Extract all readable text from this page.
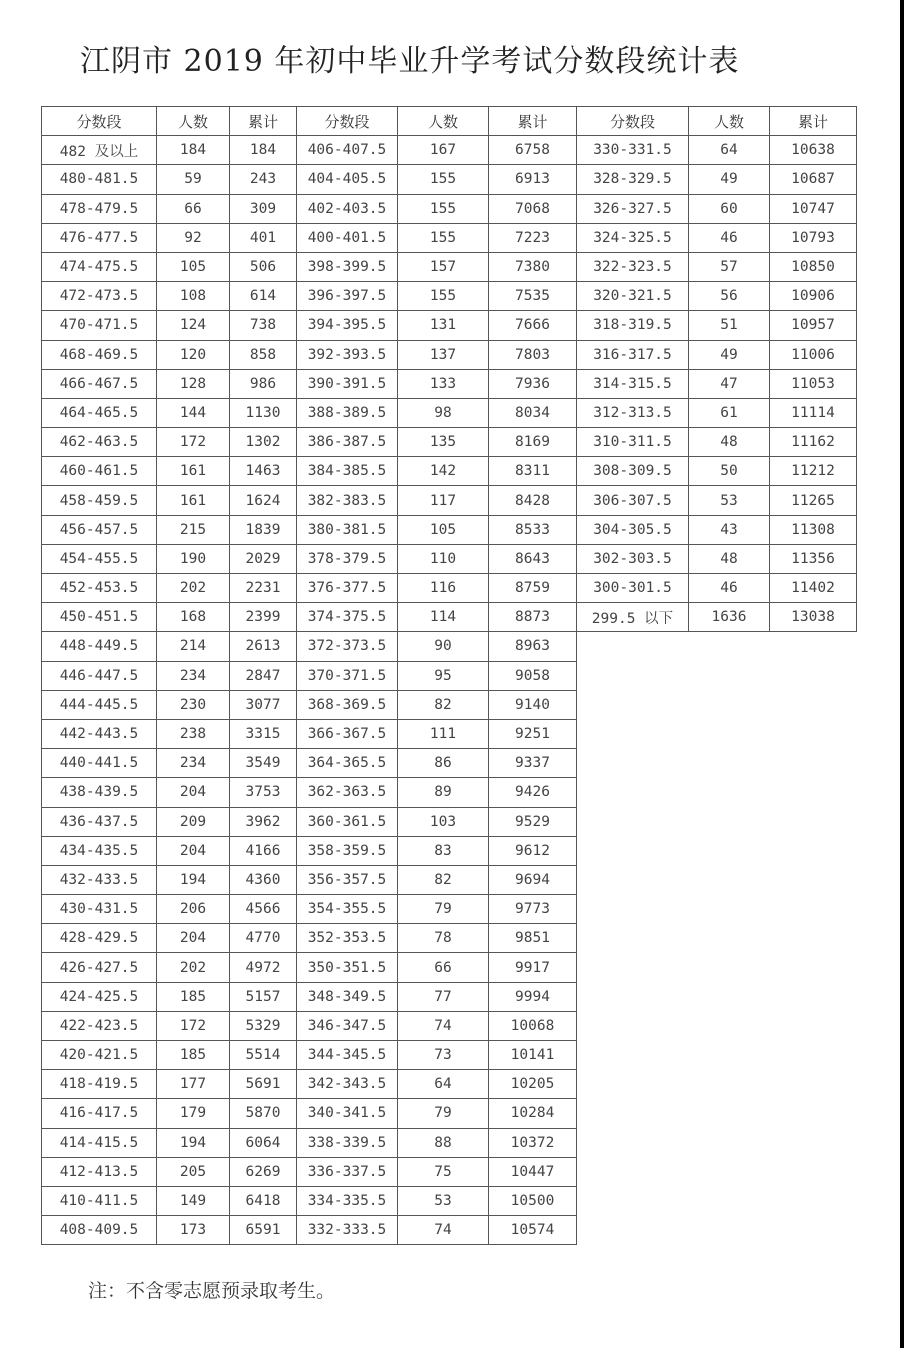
江阴市 2019 年初中毕业升学考试分数段统计表
分数段	人数	累计	分数段	人数	累计	分数段	人数	累计
482 及以上	184	184	406-407.5	167	6758	330-331.5	64	10638
480-481.5	59	243	404-405.5	155	6913	328-329.5	49	10687
478-479.5	66	309	402-403.5	155	7068	326-327.5	60	10747
476-477.5	92	401	400-401.5	155	7223	324-325.5	46	10793
474-475.5	105	506	398-399.5	157	7380	322-323.5	57	10850
472-473.5	108	614	396-397.5	155	7535	320-321.5	56	10906
470-471.5	124	738	394-395.5	131	7666	318-319.5	51	10957
468-469.5	120	858	392-393.5	137	7803	316-317.5	49	11006
466-467.5	128	986	390-391.5	133	7936	314-315.5	47	11053
464-465.5	144	1130	388-389.5	98	8034	312-313.5	61	11114
462-463.5	172	1302	386-387.5	135	8169	310-311.5	48	11162
460-461.5	161	1463	384-385.5	142	8311	308-309.5	50	11212
458-459.5	161	1624	382-383.5	117	8428	306-307.5	53	11265
456-457.5	215	1839	380-381.5	105	8533	304-305.5	43	11308
454-455.5	190	2029	378-379.5	110	8643	302-303.5	48	11356
452-453.5	202	2231	376-377.5	116	8759	300-301.5	46	11402
450-451.5	168	2399	374-375.5	114	8873	299.5 以下	1636	13038
448-449.5	214	2613	372-373.5	90	8963			
446-447.5	234	2847	370-371.5	95	9058			
444-445.5	230	3077	368-369.5	82	9140			
442-443.5	238	3315	366-367.5	111	9251			
440-441.5	234	3549	364-365.5	86	9337			
438-439.5	204	3753	362-363.5	89	9426			
436-437.5	209	3962	360-361.5	103	9529			
434-435.5	204	4166	358-359.5	83	9612			
432-433.5	194	4360	356-357.5	82	9694			
430-431.5	206	4566	354-355.5	79	9773			
428-429.5	204	4770	352-353.5	78	9851			
426-427.5	202	4972	350-351.5	66	9917			
424-425.5	185	5157	348-349.5	77	9994			
422-423.5	172	5329	346-347.5	74	10068			
420-421.5	185	5514	344-345.5	73	10141			
418-419.5	177	5691	342-343.5	64	10205			
416-417.5	179	5870	340-341.5	79	10284			
414-415.5	194	6064	338-339.5	88	10372			
412-413.5	205	6269	336-337.5	75	10447			
410-411.5	149	6418	334-335.5	53	10500			
408-409.5	173	6591	332-333.5	74	10574			
注：不含零志愿预录取考生。
